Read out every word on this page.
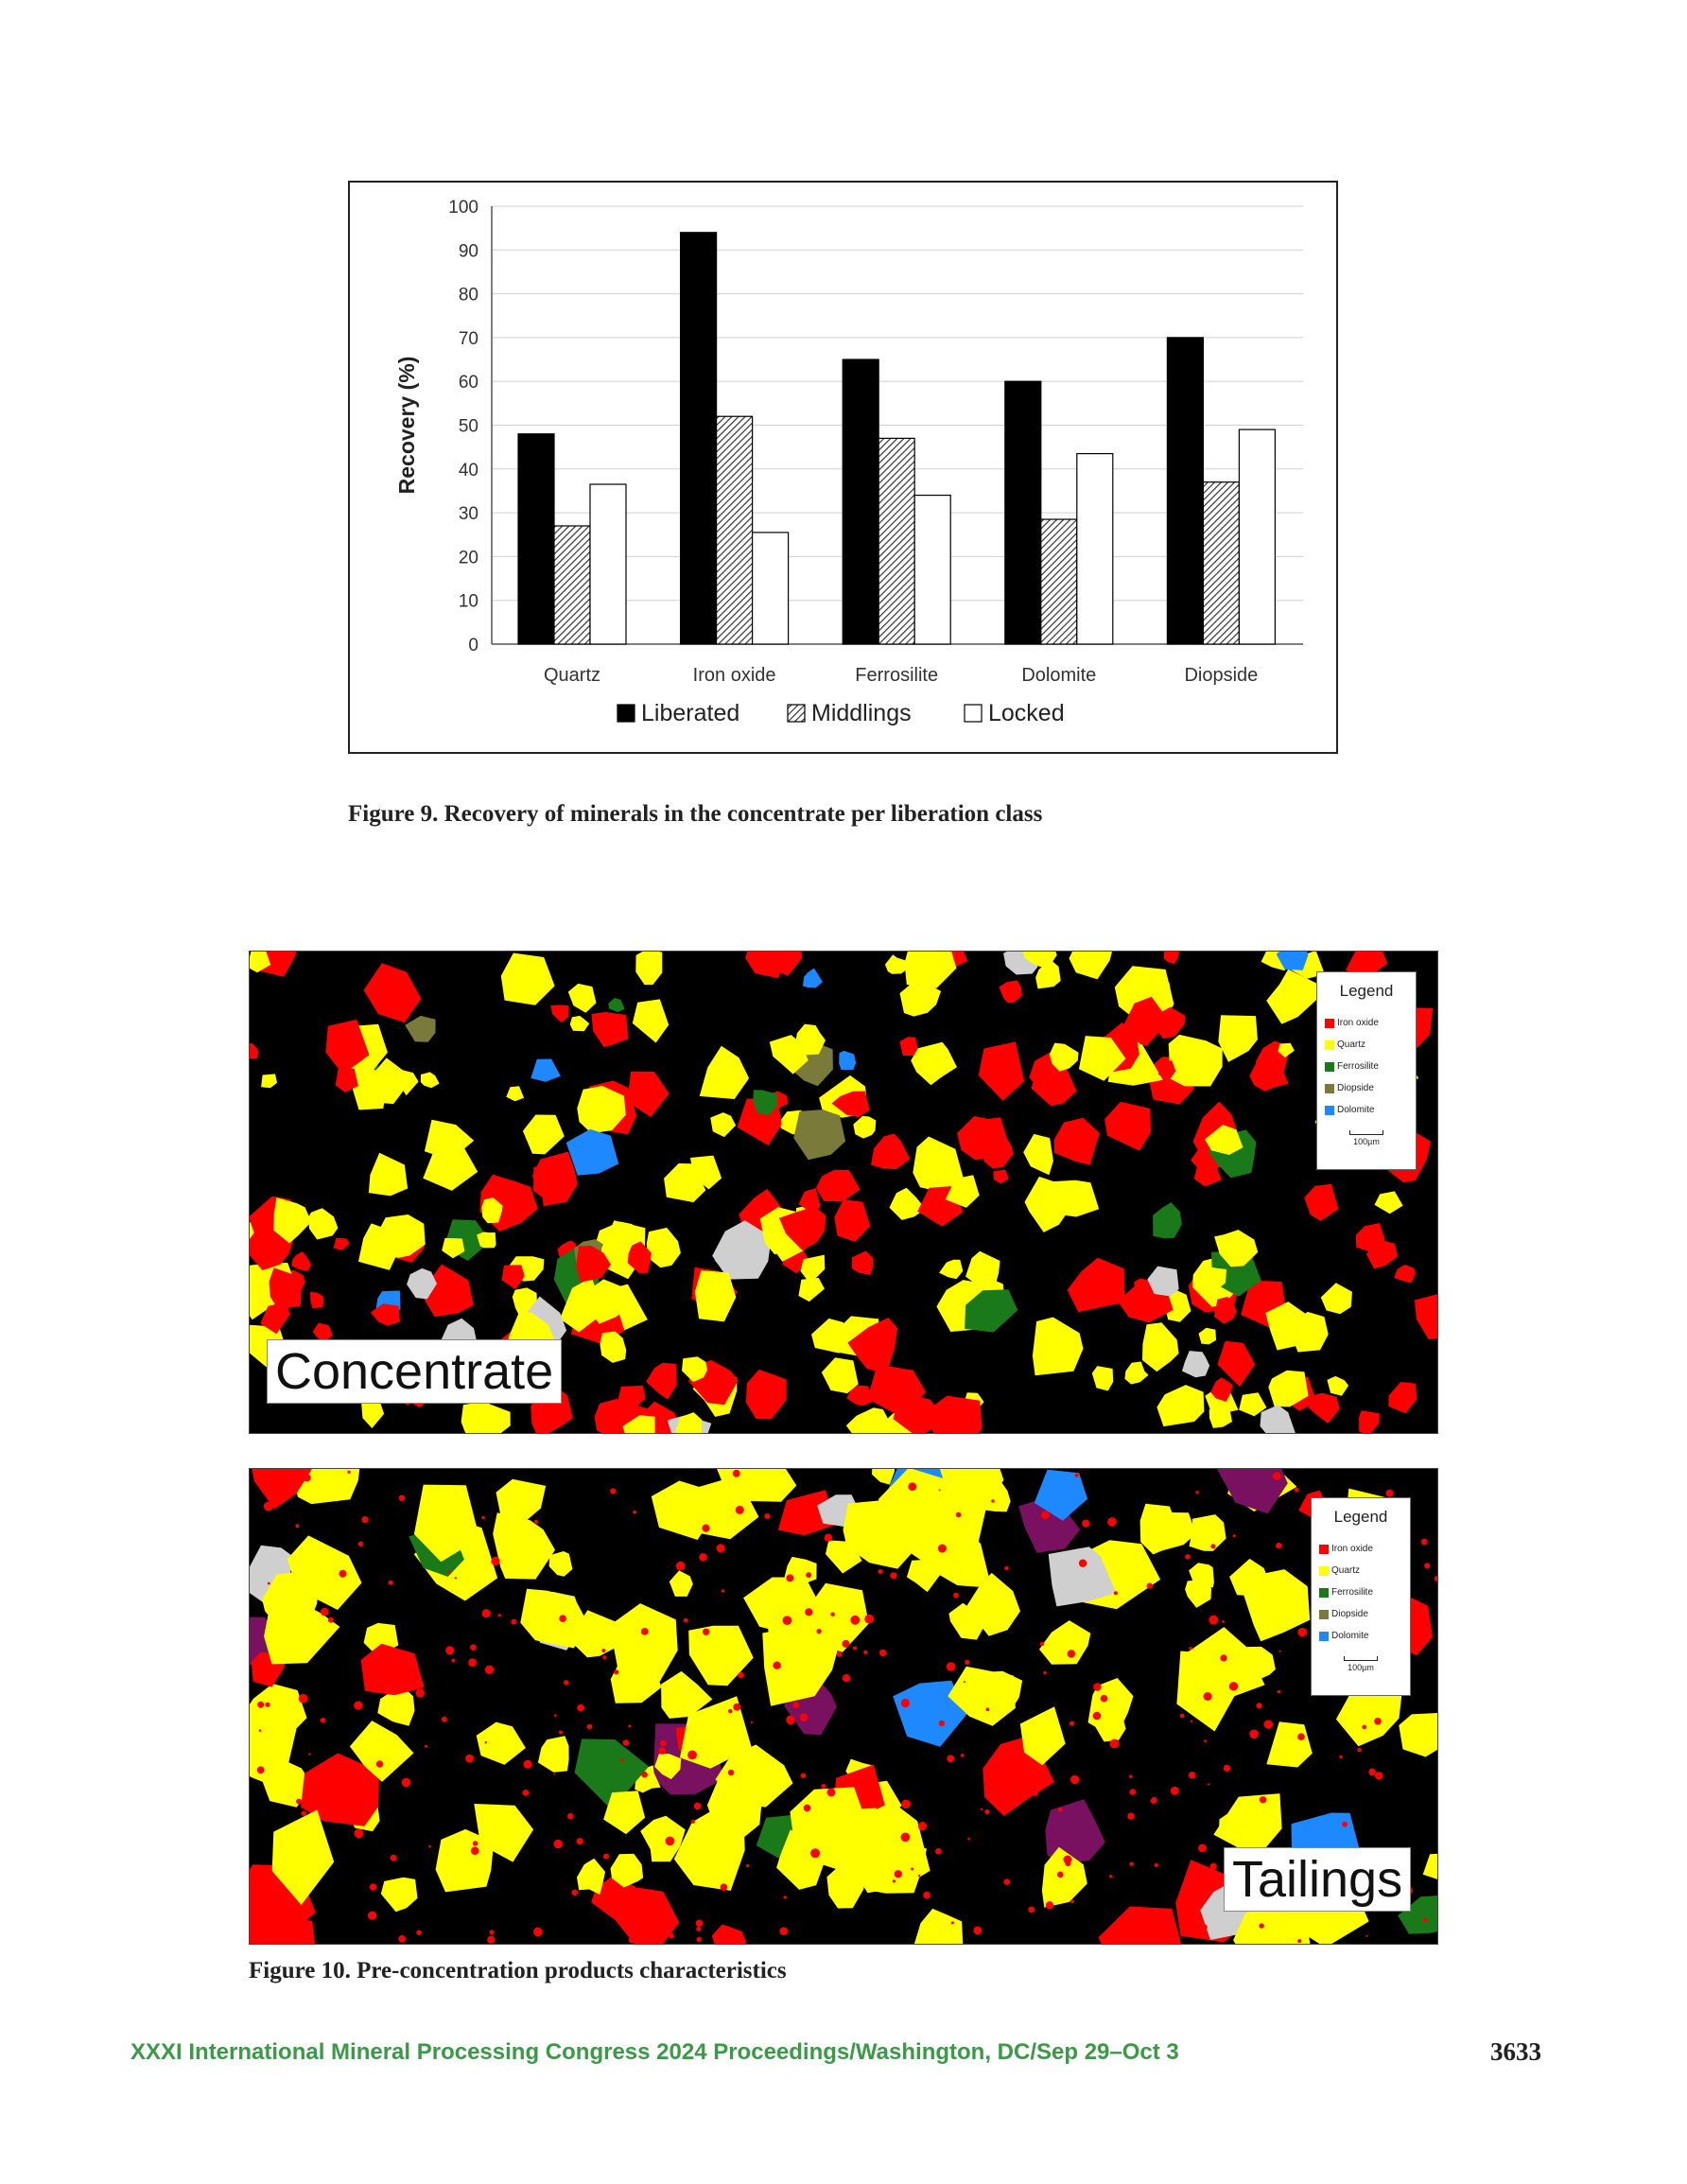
0
10
20
30
40
50
60
70
80
90
100
Recovery (%)
Quartz	Iron oxide	Ferrosilite	Dolomite	Diopside
Liberated	Middlings	Locked
Figure 9. Recovery of minerals in the concentrate per liberation class
Legend
Iron oxide
Quartz
Ferrosilite
Diopside
Dolomite
100µm
Concentrate
Legend
Iron oxide
Quartz
Ferrosilite
Diopside
Dolomite
100µm
Tailings
Figure 10. Pre-concentration products characteristics
XXXI International Mineral Processing Congress 2024 Proceedings/Washington, DC/Sep 29–Oct 3	3633
